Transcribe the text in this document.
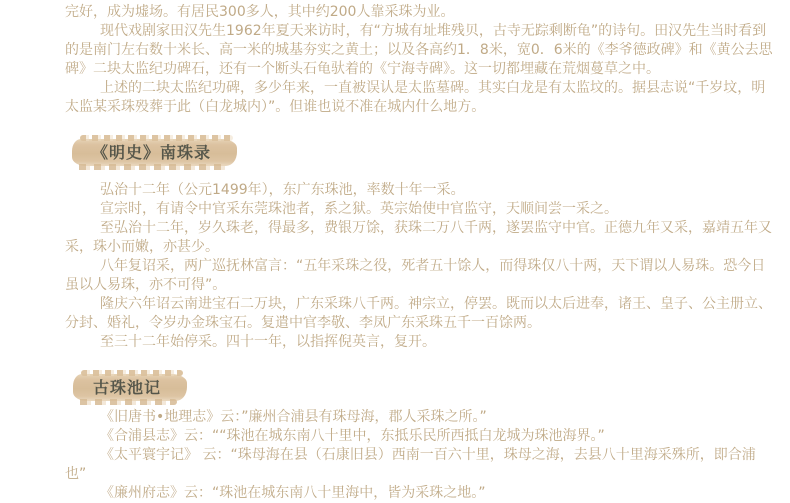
完好，成为墟场。有居民300多人，其中约200人靠采珠为业。

现代戏剧家田汉先生1962年夏天来访时，有“方城有址堆残贝，古寺无踪剩断龟”的诗句。田汉先生当时看到的是南门左右数十米长、高一米的城基夯实之黄土；以及各高约1．8米，宽0．6米的《李爷德政碑》和《黄公去思碑》二块太监纪功碑石，还有一个断头石龟驮着的《宁海寺碑》。这一切都埋藏在荒烟蔓草之中。

上述的二块太监纪功碑，多少年来，一直被误认是太监墓碑。其实白龙是有太监坟的。据县志说“千岁坟，明太监某采珠殁葬于此（白龙城内）”。但谁也说不准在城内什么地方。

《明史》南珠录

弘治十二年（公元1499年），东广东珠池，率数十年一采。

宣宗时，有请令中官采东莞珠池者，系之狱。英宗始使中官监守，天顺间尝一采之。

至弘治十二年，岁久珠老，得最多，费银万馀，获珠二万八千两，遂罢监守中官。正德九年又采，嘉靖五年又采，珠小而嫩，亦甚少。

八年复诏采，两广巡抚林富言：“五年采珠之役，死者五十馀人，而得珠仅八十两，天下谓以人易珠。恐今日虽以人易珠，亦不可得”。

隆庆六年诏云南进宝石二万块，广东采珠八千两。神宗立，停罢。既而以太后进奉，诸王、皇子、公主册立、分封、婚礼，令岁办金珠宝石。复遣中官李敬、李凤广东采珠五千一百馀两。

至三十二年始停采。四十一年，以指挥倪英言，复开。

古珠池记

《旧唐书•地理志》云：”廉州合浦县有珠母海，郡人采珠之所。”

《合浦县志》云：““珠池在城东南八十里中，东抵乐民所西抵白龙城为珠池海界。”

《太平寰宇记》 云：“珠母海在县（石康旧县）西南一百六十里，珠母之海，去县八十里海采殊所，即合浦也”

《廉州府志》云：“珠池在城东南八十里海中，皆为采珠之地。”
